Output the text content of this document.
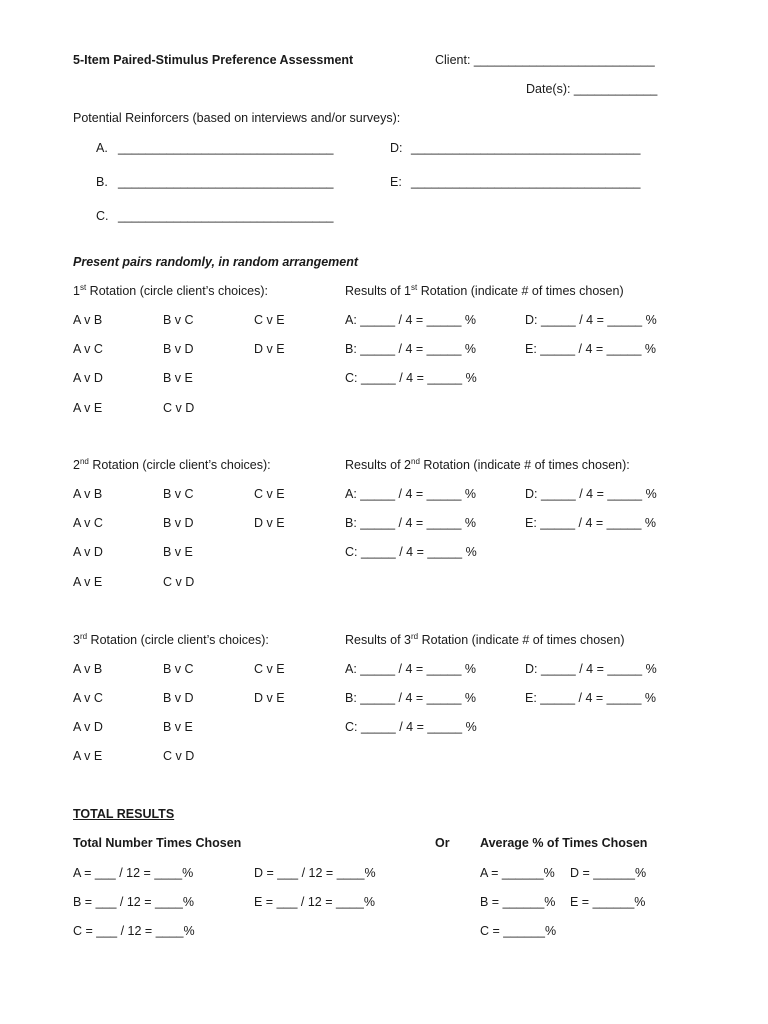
5-Item Paired-Stimulus Preference Assessment	Client: __________________________
Date(s): ____________
Potential Reinforcers (based on interviews and/or surveys):
A. _______________________________	D: _________________________________
B. _______________________________	E: _________________________________
C. _______________________________
Present pairs randomly, in random arrangement
1st Rotation (circle client’s choices):	Results of 1st Rotation (indicate # of times chosen)
A v B	B v C	C v E	A: _____ / 4 = _____ %	D: _____ / 4 = _____ %
A v C	B v D	D v E	B: _____ / 4 = _____ %	E: _____ / 4 = _____ %
A v D	B v E	C: _____ / 4 = _____ %
A v E	C v D
2nd Rotation (circle client’s choices):	Results of 2nd Rotation (indicate # of times chosen):
A v B	B v C	C v E	A: _____ / 4 = _____ %	D: _____ / 4 = _____ %
A v C	B v D	D v E	B: _____ / 4 = _____ %	E: _____ / 4 = _____ %
A v D	B v E	C: _____ / 4 = _____ %
A v E	C v D
3rd Rotation (circle client’s choices):	Results of 3rd Rotation (indicate # of times chosen)
A v B	B v C	C v E	A: _____ / 4 = _____ %	D: _____ / 4 = _____ %
A v C	B v D	D v E	B: _____ / 4 = _____ %	E: _____ / 4 = _____ %
A v D	B v E	C: _____ / 4 = _____ %
A v E	C v D
TOTAL RESULTS
Total Number Times Chosen	Or Average % of Times Chosen
A = ___ / 12 = ____%	D = ___ / 12 = ____%	A = ______% D = ______%
B = ___ / 12 = ____%	E = ___ / 12 = ____%	B = ______% E = ______%
C = ___ / 12 = ____%	C = ______%
